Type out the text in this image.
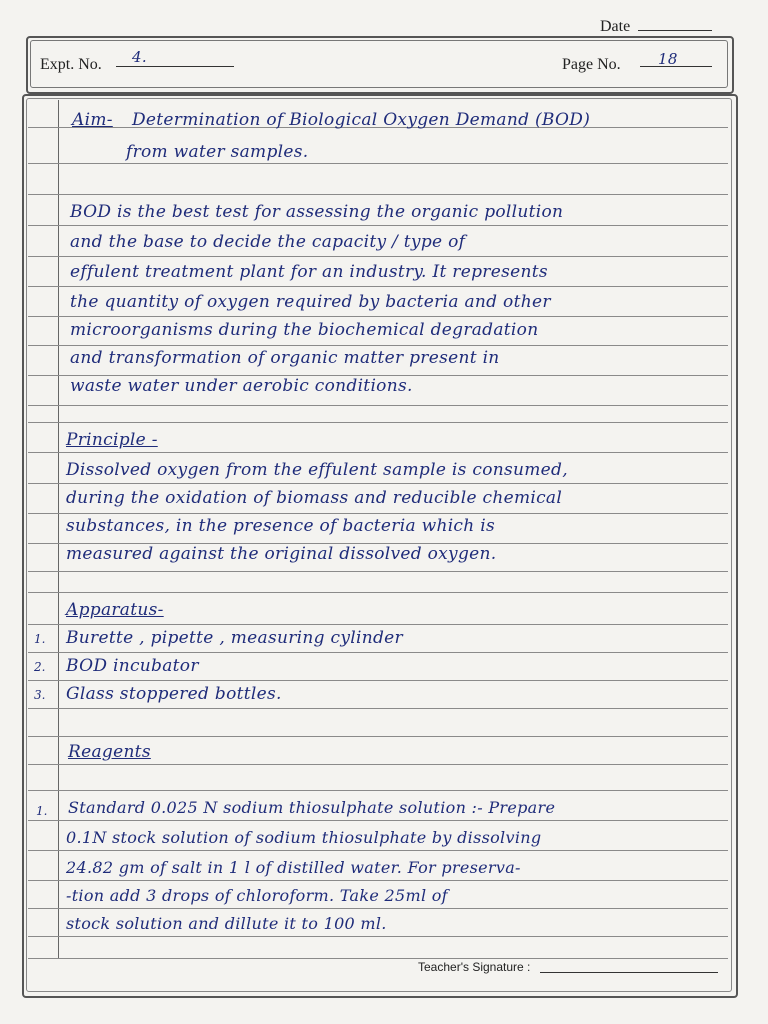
Date
Expt. No. 4.	Page No. 18
Aim- Determination of Biological Oxygen Demand (BOD)
from water samples.
BOD is the best test for assessing the organic pollution
and the base to decide the capacity / type of
effulent treatment plant for an industry. It represents
the quantity of oxygen required by bacteria and other
microorganisms during the biochemical degradation
and transformation of organic matter present in
waste water under aerobic conditions.
Principle -
Dissolved oxygen from the effulent sample is consumed,
during the oxidation of biomass and reducible chemical
substances, in the presence of bacteria which is
measured against the original dissolved oxygen.
Apparatus-
1. Burette , pipette , measuring cylinder
2. BOD incubator
3. Glass stoppered bottles.
Reagents
1. Standard 0.025 N sodium thiosulphate solution :- Prepare
0.1N stock solution of sodium thiosulphate by dissolving
24.82 gm of salt in 1 l of distilled water. For preserva-
-tion add 3 drops of chloroform. Take 25ml of
stock solution and dillute it to 100 ml.
Teacher's Signature :
